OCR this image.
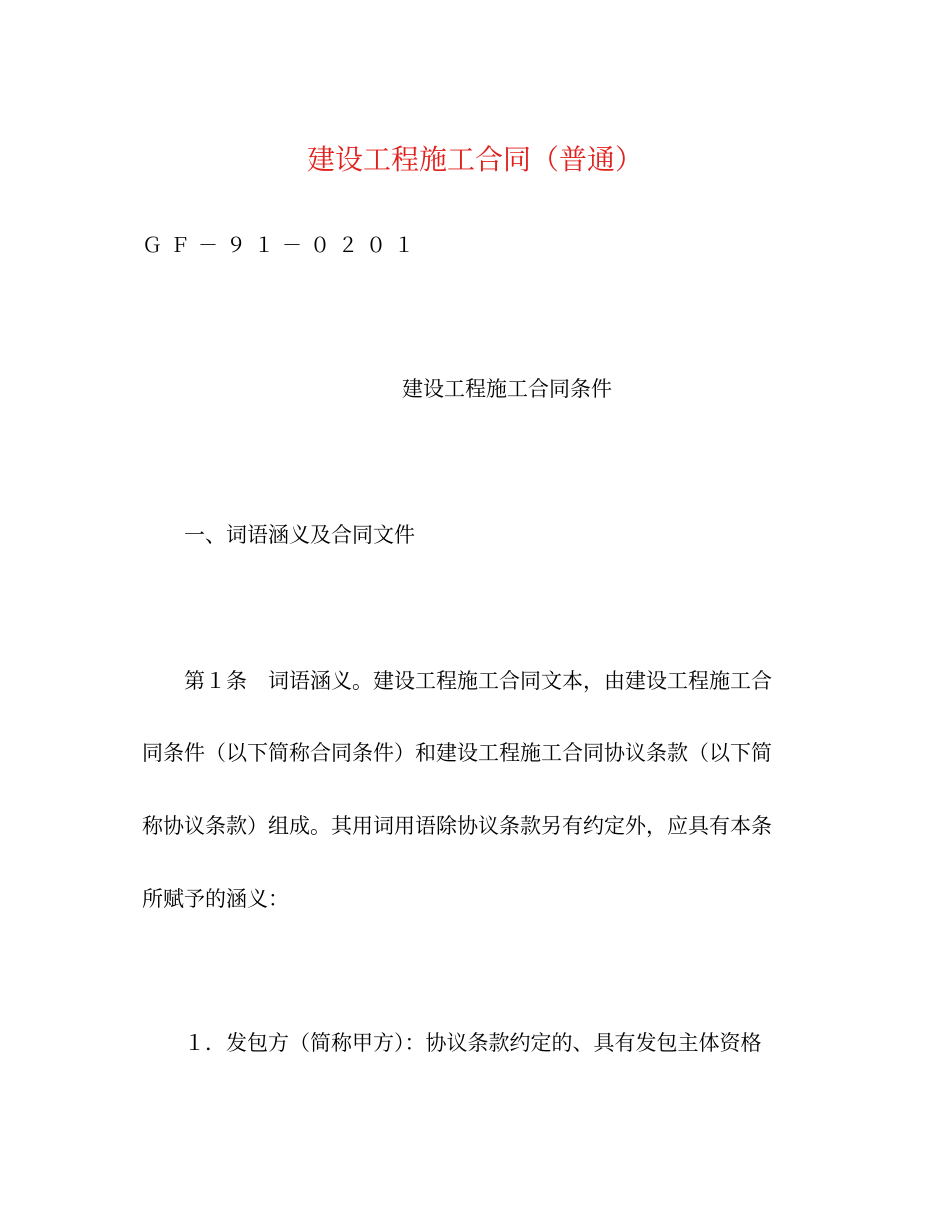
建设工程施工合同（普通）
ＧＦ－９１－０２０１
建设工程施工合同条件
一、词语涵义及合同文件
第１条　词语涵义。建设工程施工合同文本，由建设工程施工合
同条件（以下简称合同条件）和建设工程施工合同协议条款（以下简
称协议条款）组成。其用词用语除协议条款另有约定外，应具有本条
所赋予的涵义：
１．发包方（简称甲方）：协议条款约定的、具有发包主体资格
